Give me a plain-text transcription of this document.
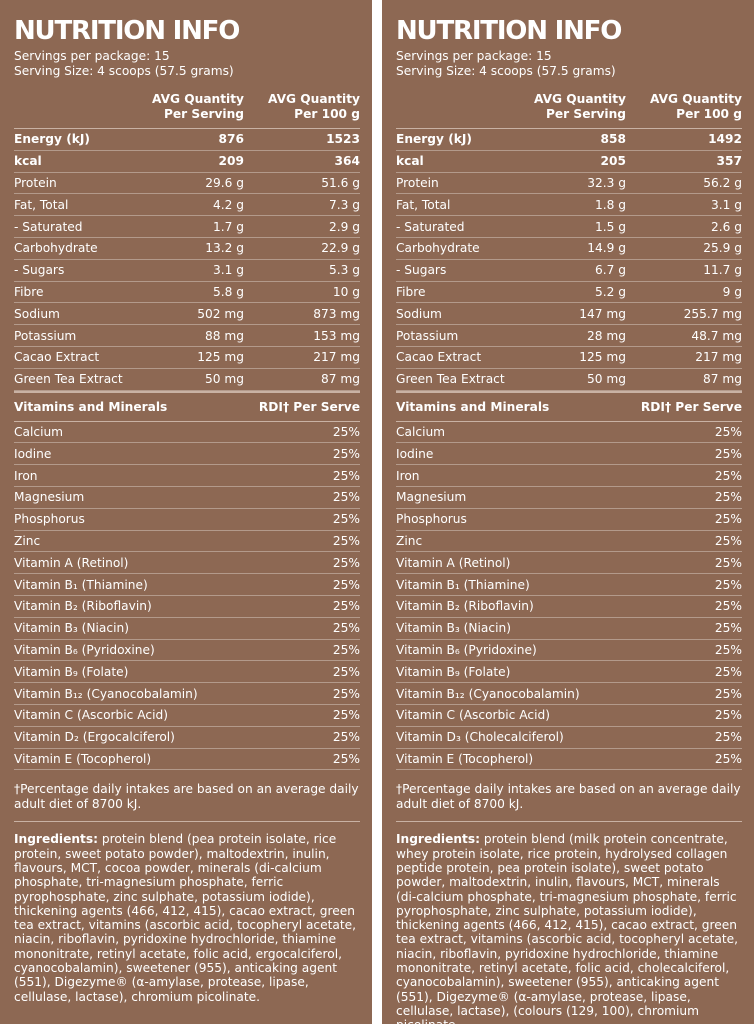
NUTRITION INFO
Servings per package: 15
Serving Size: 4 scoops (57.5 grams)
AVG Quantity
Per Serving
AVG Quantity
Per 100 g
Energy (kJ)	876	1523
kcal	209	364
Protein	29.6 g	51.6 g
Fat, Total	4.2 g	7.3 g
- Saturated	1.7 g	2.9 g
Carbohydrate	13.2 g	22.9 g
- Sugars	3.1 g	5.3 g
Fibre	5.8 g	10 g
Sodium	502 mg	873 mg
Potassium	88 mg	153 mg
Cacao Extract	125 mg	217 mg
Green Tea Extract	50 mg	87 mg
Vitamins and Minerals	RDI† Per Serve
Calcium	25%
Iodine	25%
Iron	25%
Magnesium	25%
Phosphorus	25%
Zinc	25%
Vitamin A (Retinol)	25%
Vitamin B₁ (Thiamine)	25%
Vitamin B₂ (Riboflavin)	25%
Vitamin B₃ (Niacin)	25%
Vitamin B₆ (Pyridoxine)	25%
Vitamin B₉ (Folate)	25%
Vitamin B₁₂ (Cyanocobalamin)	25%
Vitamin C (Ascorbic Acid)	25%
Vitamin D₂ (Ergocalciferol)	25%
Vitamin E (Tocopherol)	25%
†Percentage daily intakes are based on an average daily adult diet of 8700 kJ.
Ingredients: protein blend (pea protein isolate, rice protein, sweet potato powder), maltodextrin, inulin, flavours, MCT, cocoa powder, minerals (di-calcium phosphate, tri-magnesium phosphate, ferric pyrophosphate, zinc sulphate, potassium iodide), thickening agents (466, 412, 415), cacao extract, green tea extract, vitamins (ascorbic acid, tocopheryl acetate, niacin, riboflavin, pyridoxine hydrochloride, thiamine mononitrate, retinyl acetate, folic acid, ergocalciferol, cyanocobalamin), sweetener (955), anticaking agent (551), Digezyme® (α-amylase, protease, lipase, cellulase, lactase), chromium picolinate.
NUTRITION INFO
Servings per package: 15
Serving Size: 4 scoops (57.5 grams)
AVG Quantity
Per Serving
AVG Quantity
Per 100 g
Energy (kJ)	858	1492
kcal	205	357
Protein	32.3 g	56.2 g
Fat, Total	1.8 g	3.1 g
- Saturated	1.5 g	2.6 g
Carbohydrate	14.9 g	25.9 g
- Sugars	6.7 g	11.7 g
Fibre	5.2 g	9 g
Sodium	147 mg	255.7 mg
Potassium	28 mg	48.7 mg
Cacao Extract	125 mg	217 mg
Green Tea Extract	50 mg	87 mg
Vitamins and Minerals	RDI† Per Serve
Calcium	25%
Iodine	25%
Iron	25%
Magnesium	25%
Phosphorus	25%
Zinc	25%
Vitamin A (Retinol)	25%
Vitamin B₁ (Thiamine)	25%
Vitamin B₂ (Riboflavin)	25%
Vitamin B₃ (Niacin)	25%
Vitamin B₆ (Pyridoxine)	25%
Vitamin B₉ (Folate)	25%
Vitamin B₁₂ (Cyanocobalamin)	25%
Vitamin C (Ascorbic Acid)	25%
Vitamin D₃ (Cholecalciferol)	25%
Vitamin E (Tocopherol)	25%
†Percentage daily intakes are based on an average daily adult diet of 8700 kJ.
Ingredients: protein blend (milk protein concentrate, whey protein isolate, rice protein, hydrolysed collagen peptide protein, pea protein isolate), sweet potato powder, maltodextrin, inulin, flavours, MCT, minerals (di-calcium phosphate, tri-magnesium phosphate, ferric pyrophosphate, zinc sulphate, potassium iodide), thickening agents (466, 412, 415), cacao extract, green tea extract, vitamins (ascorbic acid, tocopheryl acetate, niacin, riboflavin, pyridoxine hydrochloride, thiamine mononitrate, retinyl acetate, folic acid, cholecalciferol, cyanocobalamin), sweetener (955), anticaking agent (551), Digezyme® (α-amylase, protease, lipase, cellulase, lactase), (colours (129, 100), chromium picolinate.
